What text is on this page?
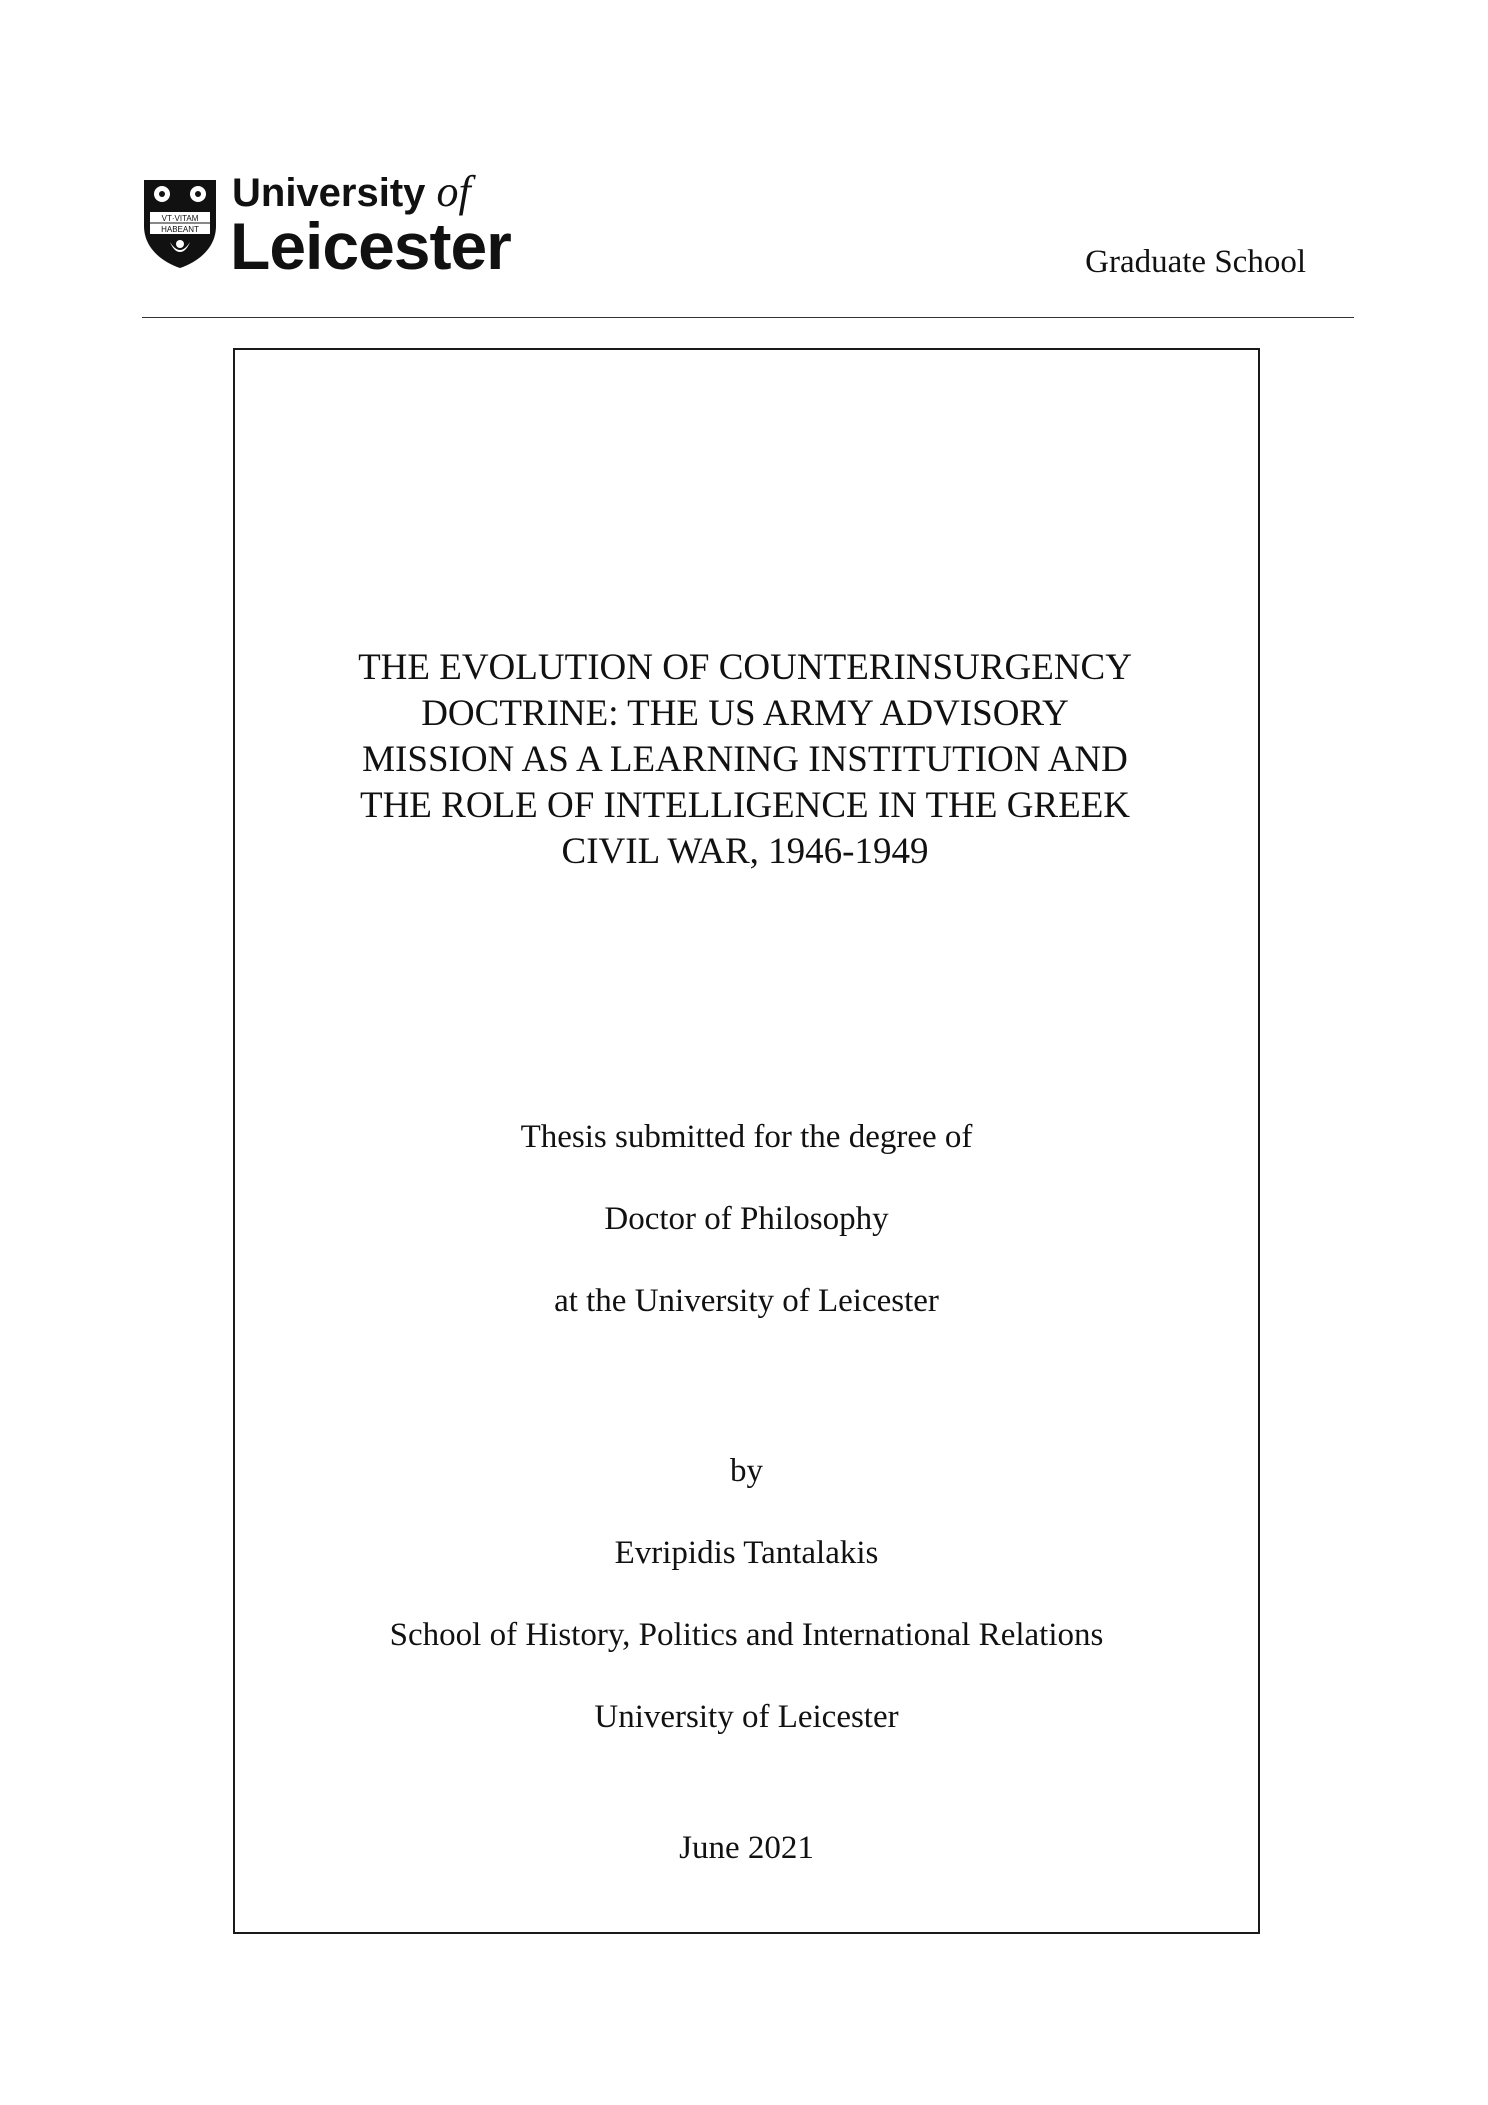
VT·VITAM
HABEANT
University of
Leicester	Graduate School
THE EVOLUTION OF COUNTERINSURGENCY
DOCTRINE: THE US ARMY ADVISORY
MISSION AS A LEARNING INSTITUTION AND
THE ROLE OF INTELLIGENCE IN THE GREEK
CIVIL WAR, 1946-1949
Thesis submitted for the degree of
Doctor of Philosophy
at the University of Leicester
by
Evripidis Tantalakis
School of History, Politics and International Relations
University of Leicester
June 2021
